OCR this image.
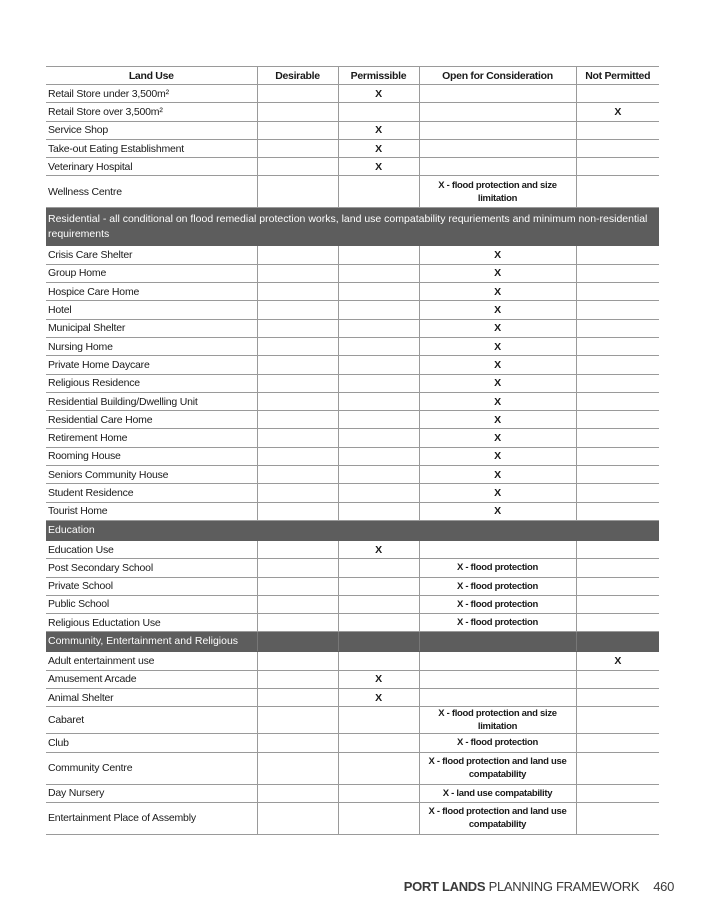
Land Use	Desirable	Permissible	Open for Consideration	Not Permitted
Retail Store under 3,500m²		X		
Retail Store over 3,500m²				X
Service Shop		X		
Take-out Eating Establishment		X		
Veterinary Hospital		X		
Wellness Centre			X - flood protection and size limitation	
Residential - all conditional on flood remedial protection works, land use compatability requriements and minimum non-residential requirements				
Crisis Care Shelter			X	
Group Home			X	
Hospice Care Home			X	
Hotel			X	
Municipal Shelter			X	
Nursing Home			X	
Private Home Daycare			X	
Religious Residence			X	
Residential Building/Dwelling Unit			X	
Residential Care Home			X	
Retirement Home			X	
Rooming House			X	
Seniors Community House			X	
Student Residence			X	
Tourist Home			X	
Education				
Education Use		X		
Post Secondary School			X - flood protection	
Private School			X - flood protection	
Public School			X - flood protection	
Religious Eductation Use			X - flood protection	
Community, Entertainment and Religious				
Adult entertainment use				X
Amusement Arcade		X		
Animal Shelter		X		
Cabaret			X - flood protection and size limitation	
Club			X - flood protection	
Community Centre			X - flood protection and land use compatability	
Day Nursery			X - land use compatability	
Entertainment Place of Assembly			X - flood protection and land use compatability	
PORT LANDS PLANNING FRAMEWORK 460
